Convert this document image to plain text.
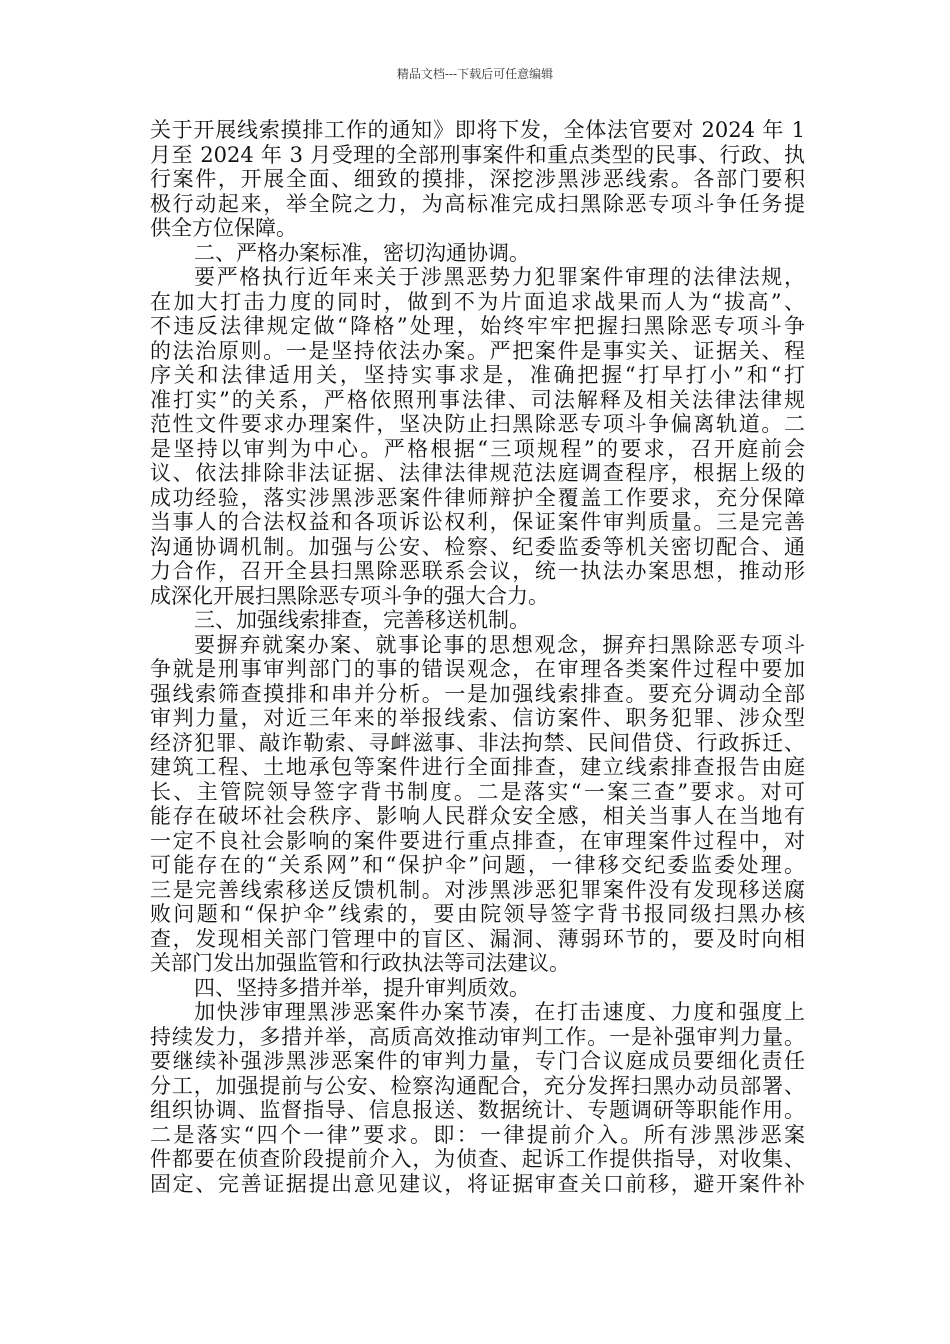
精品文档---下载后可任意编辑
关于开展线索摸排工作的通知》即将下发，全体法官要对 2024 年 1
月至 2024 年 3 月受理的全部刑事案件和重点类型的民事、行政、执
行案件，开展全面、细致的摸排，深挖涉黑涉恶线索。各部门要积
极行动起来，举全院之力，为高标准完成扫黑除恶专项斗争任务提
供全方位保障。
二、严格办案标准，密切沟通协调。
要严格执行近年来关于涉黑恶势力犯罪案件审理的法律法规，
在加大打击力度的同时，做到不为片面追求战果而人为“拔高”、
不违反法律规定做“降格”处理，始终牢牢把握扫黑除恶专项斗争
的法治原则。一是坚持依法办案。严把案件是事实关、证据关、程
序关和法律适用关，坚持实事求是，准确把握“打早打小”和“打
准打实”的关系，严格依照刑事法律、司法解释及相关法律法律规
范性文件要求办理案件，坚决防止扫黑除恶专项斗争偏离轨道。二
是坚持以审判为中心。严格根据“三项规程”的要求，召开庭前会
议、依法排除非法证据、法律法律规范法庭调查程序，根据上级的
成功经验，落实涉黑涉恶案件律师辩护全覆盖工作要求，充分保障
当事人的合法权益和各项诉讼权利，保证案件审判质量。三是完善
沟通协调机制。加强与公安、检察、纪委监委等机关密切配合、通
力合作，召开全县扫黑除恶联系会议，统一执法办案思想，推动形
成深化开展扫黑除恶专项斗争的强大合力。
三、加强线索排查，完善移送机制。
要摒弃就案办案、就事论事的思想观念，摒弃扫黑除恶专项斗
争就是刑事审判部门的事的错误观念，在审理各类案件过程中要加
强线索筛查摸排和串并分析。一是加强线索排查。要充分调动全部
审判力量，对近三年来的举报线索、信访案件、职务犯罪、涉众型
经济犯罪、敲诈勒索、寻衅滋事、非法拘禁、民间借贷、行政拆迁、
建筑工程、土地承包等案件进行全面排查，建立线索排查报告由庭
长、主管院领导签字背书制度。二是落实“一案三查”要求。对可
能存在破坏社会秩序、影响人民群众安全感，相关当事人在当地有
一定不良社会影响的案件要进行重点排查，在审理案件过程中，对
可能存在的“关系网”和“保护伞”问题，一律移交纪委监委处理。
三是完善线索移送反馈机制。对涉黑涉恶犯罪案件没有发现移送腐
败问题和“保护伞”线索的，要由院领导签字背书报同级扫黑办核
查，发现相关部门管理中的盲区、漏洞、薄弱环节的，要及时向相
关部门发出加强监管和行政执法等司法建议。
四、坚持多措并举，提升审判质效。
加快涉审理黑涉恶案件办案节凑，在打击速度、力度和强度上
持续发力，多措并举，高质高效推动审判工作。一是补强审判力量。
要继续补强涉黑涉恶案件的审判力量，专门合议庭成员要细化责任
分工，加强提前与公安、检察沟通配合，充分发挥扫黑办动员部署、
组织协调、监督指导、信息报送、数据统计、专题调研等职能作用。
二是落实“四个一律”要求。即：一律提前介入。所有涉黑涉恶案
件都要在侦查阶段提前介入，为侦查、起诉工作提供指导，对收集、
固定、完善证据提出意见建议，将证据审查关口前移，避开案件补
